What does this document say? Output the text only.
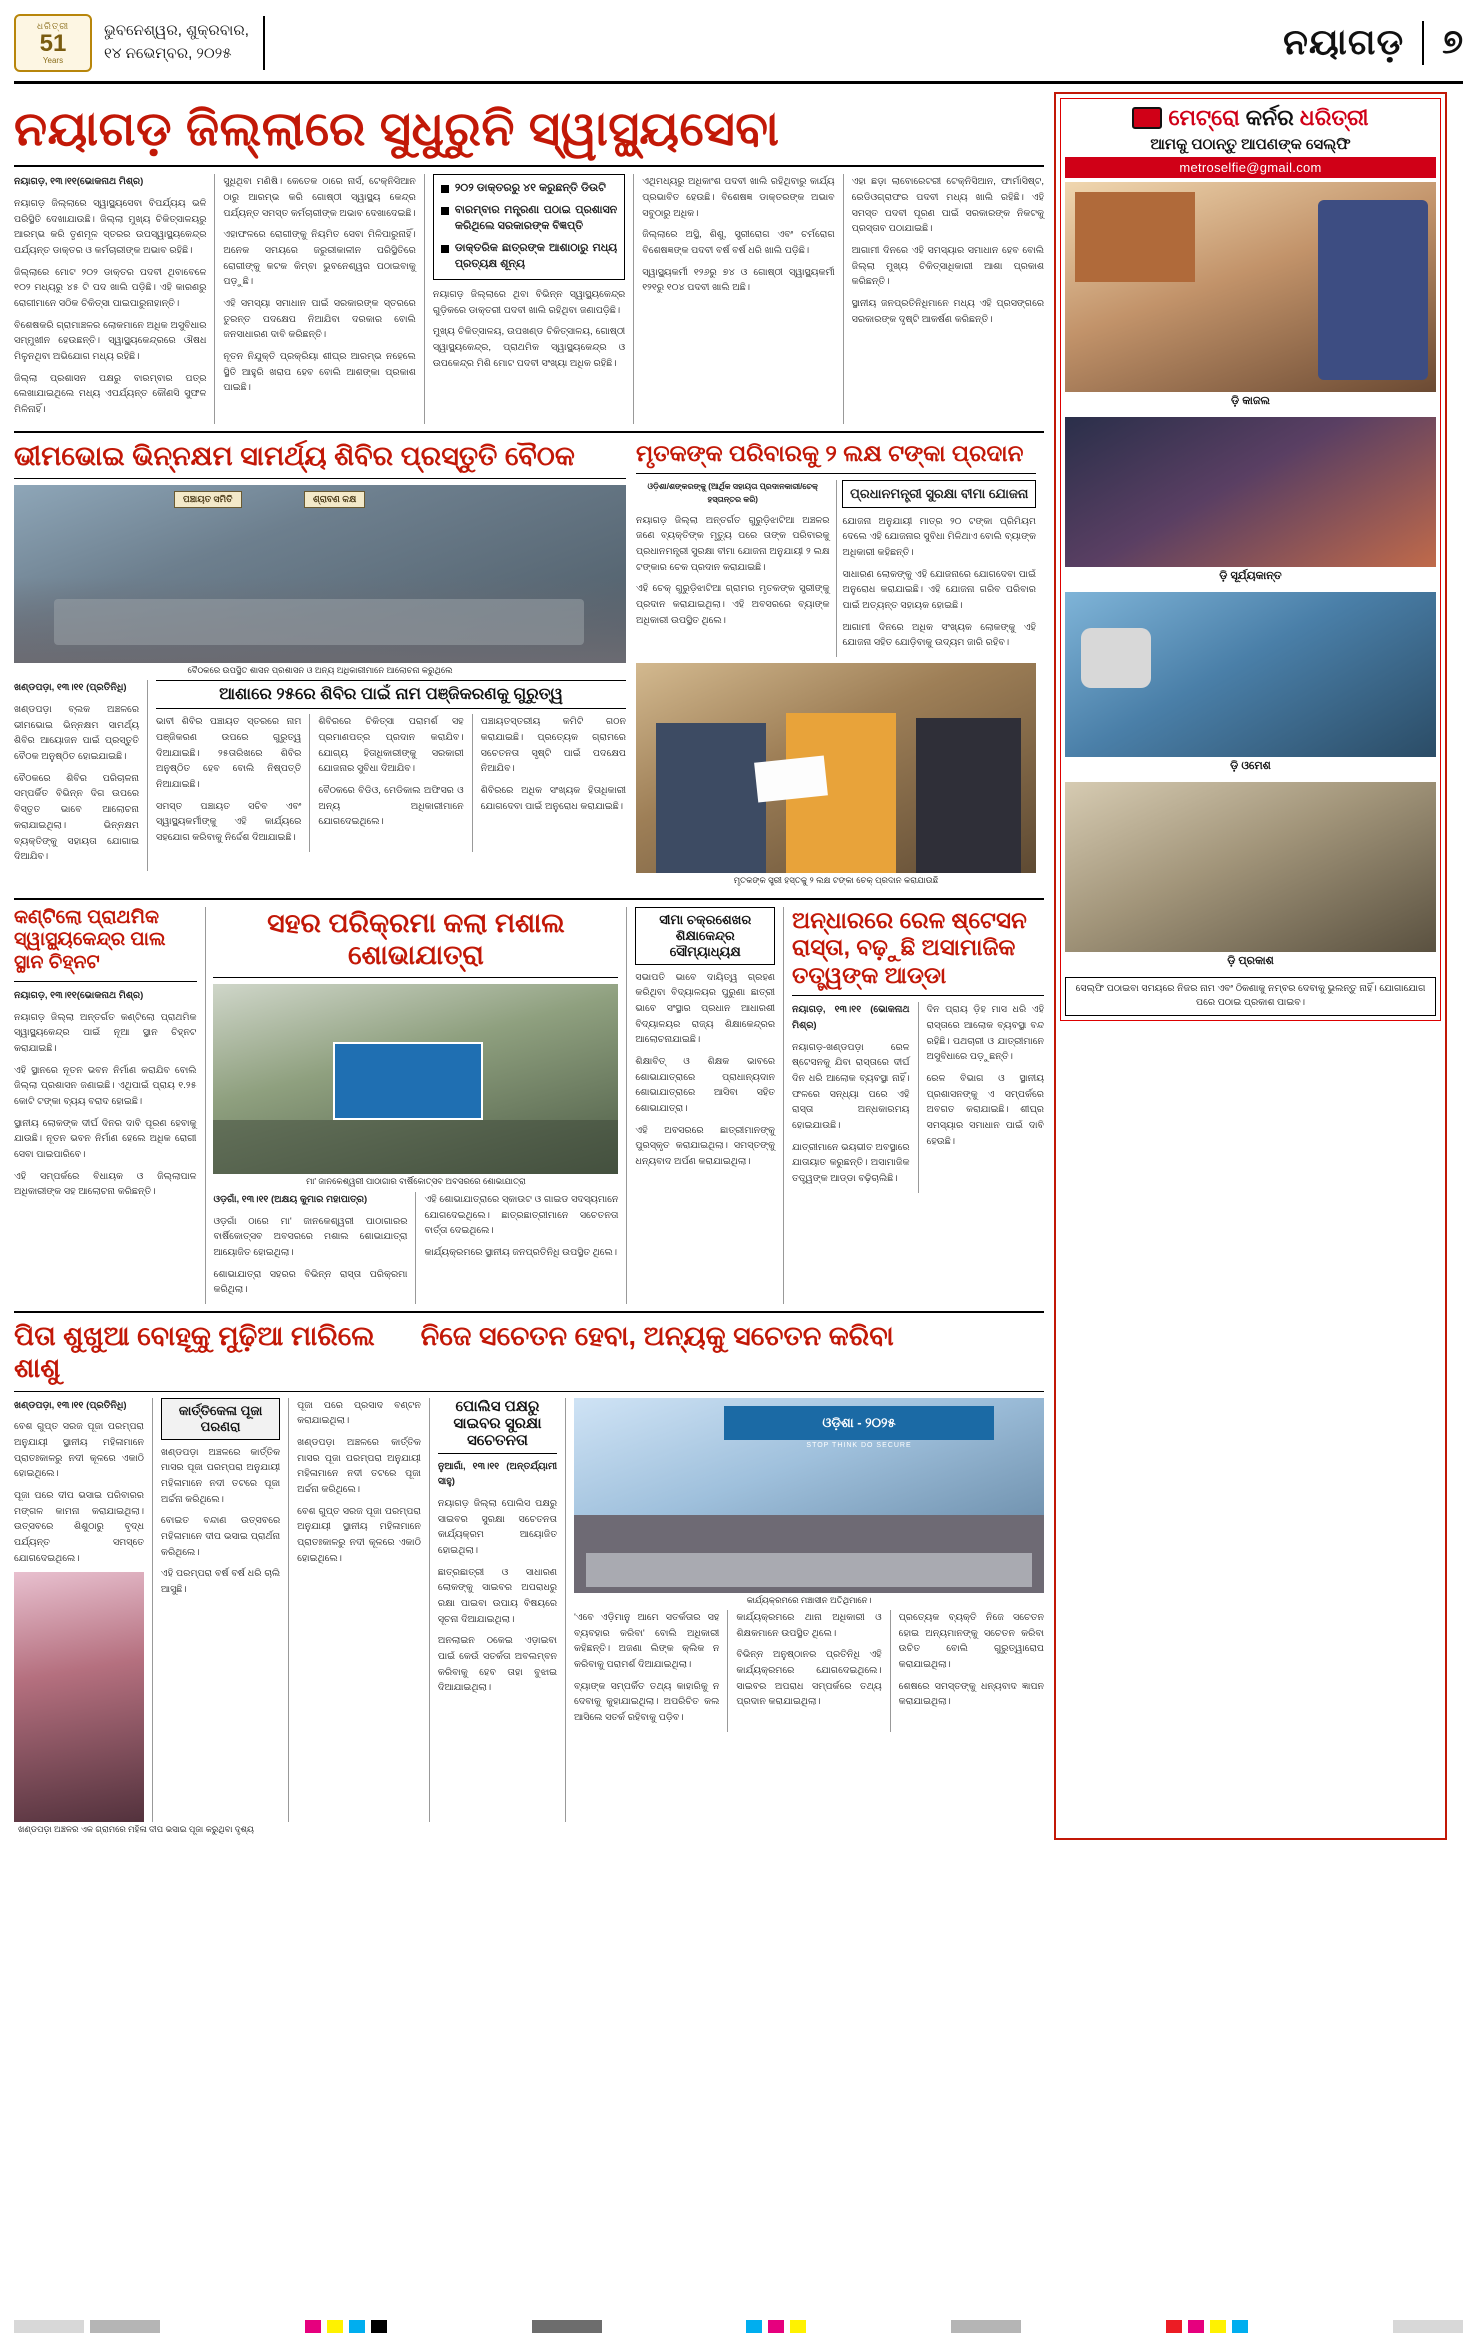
ଧରିତ୍ରୀ
51
Years
ଭୁବନେଶ୍ୱର, ଶୁକ୍ରବାର,
୧୪ ନଭେମ୍ବର, ୨୦୨୫	ନୟାଗଡ଼ ୭
ନୟାଗଡ଼ ଜିଲ୍ଲାରେ ସୁଧୁରୁନି ସ୍ୱାସ୍ଥ୍ୟସେବା

ନୟାଗଡ଼, ୧୩।୧୧(ଭୋକନାଥ ମିଶ୍ର)

ନୟାଗଡ଼ ଜିଲ୍ଲାରେ ସ୍ୱାସ୍ଥ୍ୟସେବା ବିପର୍ଯ୍ୟୟ ଭଳି ପରିସ୍ଥିତି ଦେଖାଯାଉଛି। ଜିଲ୍ଲା ମୁଖ୍ୟ ଚିକିତ୍ସାଳୟରୁ ଆରମ୍ଭ କରି ତୃଣମୂଳ ସ୍ତରର ଉପସ୍ୱାସ୍ଥ୍ୟକେନ୍ଦ୍ର ପର୍ଯ୍ୟନ୍ତ ଡାକ୍ତର ଓ କର୍ମଚାରୀଙ୍କ ଅଭାବ ରହିଛି।

ଜିଲ୍ଲାରେ ମୋଟ ୨୦୨ ଡାକ୍ତର ପଦବୀ ଥିବାବେଳେ ୧୦୨ ମଧ୍ୟରୁ ୪୫ ଟି ପଦ ଖାଲି ପଡ଼ିଛି। ଏହି କାରଣରୁ ରୋଗୀମାନେ ସଠିକ ଚିକିତ୍ସା ପାଇପାରୁନାହାନ୍ତି।

ବିଶେଷକରି ଗ୍ରାମାଞ୍ଚଳର ଲୋକମାନେ ଅଧିକ ଅସୁବିଧାର ସମ୍ମୁଖୀନ ହେଉଛନ୍ତି। ସ୍ୱାସ୍ଥ୍ୟକେନ୍ଦ୍ରରେ ଔଷଧ ମିଳୁନଥିବା ଅଭିଯୋଗ ମଧ୍ୟ ରହିଛି।

ଜିଲ୍ଲା ପ୍ରଶାସନ ପକ୍ଷରୁ ବାରମ୍ବାର ପତ୍ର ଲେଖାଯାଇଥିଲେ ମଧ୍ୟ ଏପର୍ଯ୍ୟନ୍ତ କୌଣସି ସୁଫଳ ମିଳିନାହିଁ।

ସୁଧିଥିବା ମଣିଷି। କେତେକ ଠାରେ ନାର୍ସ, ଟେକ୍ନିସିଆନ ଠାରୁ ଆରମ୍ଭ କରି ଗୋଷ୍ଠୀ ସ୍ୱାସ୍ଥ୍ୟ କେନ୍ଦ୍ର ପର୍ଯ୍ୟନ୍ତ ସମସ୍ତ କର୍ମଚାରୀଙ୍କ ଅଭାବ ଦେଖାଦେଇଛି।

ଏହାଫଳରେ ରୋଗୀଙ୍କୁ ନିୟମିତ ସେବା ମିଳିପାରୁନାହିଁ। ଅନେକ ସମୟରେ ଜରୁରୀକାଳୀନ ପରିସ୍ଥିତିରେ ରୋଗୀଙ୍କୁ କଟକ କିମ୍ବା ଭୁବନେଶ୍ୱର ପଠାଇବାକୁ ପଡ଼ୁଛି।

ଏହି ସମସ୍ୟା ସମାଧାନ ପାଇଁ ସରକାରଙ୍କ ସ୍ତରରେ ତୁରନ୍ତ ପଦକ୍ଷେପ ନିଆଯିବା ଦରକାର ବୋଲି ଜନସାଧାରଣ ଦାବି କରିଛନ୍ତି।

ନୂତନ ନିଯୁକ୍ତି ପ୍ରକ୍ରିୟା ଶୀଘ୍ର ଆରମ୍ଭ ନହେଲେ ସ୍ଥିତି ଆହୁରି ଖରାପ ହେବ ବୋଲି ଆଶଙ୍କା ପ୍ରକାଶ ପାଇଛି।

୨୦୨ ଡାକ୍ତରରୁ ୪୧ କରୁଛନ୍ତି ଡିଉଟି
ବାରମ୍ବାର ମନ୍ତ୍ରଣା ପଠାଇ ପ୍ରଶାସନ କରିଥିଲେ ସରକାରଙ୍କ ବିଜ୍ଞପ୍ତି
ଡାକ୍ତରିକ ଛାତ୍ରଙ୍କ ଆଶାଠାରୁ ମଧ୍ୟ ପ୍ରତ୍ୟକ୍ଷ ଶୂନ୍ୟ

ନୟାଗଡ଼ ଜିଲ୍ଲାରେ ଥିବା ବିଭିନ୍ନ ସ୍ୱାସ୍ଥ୍ୟକେନ୍ଦ୍ର ଗୁଡ଼ିକରେ ଡାକ୍ତରୀ ପଦବୀ ଖାଲି ରହିଥିବା ଜଣାପଡ଼ିଛି।

ମୁଖ୍ୟ ଚିକିତ୍ସାଳୟ, ଉପଖଣ୍ଡ ଚିକିତ୍ସାଳୟ, ଗୋଷ୍ଠୀ ସ୍ୱାସ୍ଥ୍ୟକେନ୍ଦ୍ର, ପ୍ରାଥମିକ ସ୍ୱାସ୍ଥ୍ୟକେନ୍ଦ୍ର ଓ ଉପକେନ୍ଦ୍ର ମିଶି ମୋଟ ପଦବୀ ସଂଖ୍ୟା ଅଧିକ ରହିଛି।

ଏଥିମଧ୍ୟରୁ ଅଧିକାଂଶ ପଦବୀ ଖାଲି ରହିଥିବାରୁ କାର୍ଯ୍ୟ ପ୍ରଭାବିତ ହେଉଛି। ବିଶେଷଜ୍ଞ ଡାକ୍ତରଙ୍କ ଅଭାବ ସବୁଠାରୁ ଅଧିକ।

ଜିଲ୍ଲାରେ ଅସ୍ଥି, ଶିଶୁ, ସ୍ତ୍ରୀରୋଗ ଏବଂ ଚର୍ମରୋଗ ବିଶେଷଜ୍ଞଙ୍କ ପଦବୀ ବର୍ଷ ବର୍ଷ ଧରି ଖାଲି ପଡ଼ିଛି।

ସ୍ୱାସ୍ଥ୍ୟକର୍ମୀ ୧୨୬ରୁ ୭୪ ଓ ଗୋଷ୍ଠୀ ସ୍ୱାସ୍ଥ୍ୟକର୍ମୀ ୧୨୧ରୁ ୧୦୪ ପଦବୀ ଖାଲି ଅଛି।

ଏହା ଛଡ଼ା ଲାବୋରେଟରୀ ଟେକ୍ନିସିଆନ, ଫାର୍ମାସିଷ୍ଟ, ରେଡିଓଗ୍ରାଫର ପଦବୀ ମଧ୍ୟ ଖାଲି ରହିଛି। ଏହି ସମସ୍ତ ପଦବୀ ପୂରଣ ପାଇଁ ସରକାରଙ୍କ ନିକଟକୁ ପ୍ରସ୍ତାବ ପଠାଯାଇଛି।

ଆଗାମୀ ଦିନରେ ଏହି ସମସ୍ୟାର ସମାଧାନ ହେବ ବୋଲି ଜିଲ୍ଲା ମୁଖ୍ୟ ଚିକିତ୍ସାଧିକାରୀ ଆଶା ପ୍ରକାଶ କରିଛନ୍ତି।

ସ୍ଥାନୀୟ ଜନପ୍ରତିନିଧିମାନେ ମଧ୍ୟ ଏହି ପ୍ରସଙ୍ଗରେ ସରକାରଙ୍କ ଦୃଷ୍ଟି ଆକର୍ଷଣ କରିଛନ୍ତି।

ଭୀମଭୋଇ ଭିନ୍ନକ୍ଷମ ସାମର୍ଥ୍ୟ ଶିବିର ପ୍ରସ୍ତୁତି ବୈଠକ
ପଞ୍ଚାୟତ ସମିତି	ଶ୍ରାବଣ କକ୍ଷ
ବୈଠକରେ ଉପସ୍ଥିତ ଶାସନ ପ୍ରଶାସନ ଓ ଅନ୍ୟ ଅଧିକାରୀମାନେ ଆଲୋଚନା କରୁଥିଲେ

ଖଣ୍ଡପଡ଼ା, ୧୩।୧୧ (ପ୍ରତିନିଧି)

ଖଣ୍ଡପଡ଼ା ବ୍ଲକ ଅଞ୍ଚଳରେ ଭୀମଭୋଇ ଭିନ୍ନକ୍ଷମ ସାମର୍ଥ୍ୟ ଶିବିର ଆୟୋଜନ ପାଇଁ ପ୍ରସ୍ତୁତି ବୈଠକ ଅନୁଷ୍ଠିତ ହୋଇଯାଇଛି।

ବୈଠକରେ ଶିବିର ପରିଚାଳନା ସମ୍ପର୍କିତ ବିଭିନ୍ନ ଦିଗ ଉପରେ ବିସ୍ତୃତ ଭାବେ ଆଲୋଚନା କରାଯାଇଥିଲା। ଭିନ୍ନକ୍ଷମ ବ୍ୟକ୍ତିଙ୍କୁ ସହାୟତା ଯୋଗାଇ ଦିଆଯିବ।

ଆଶାରେ ୨୫ରେ ଶିବିର ପାଇଁ ନାମ ପଞ୍ଜିକରଣକୁ ଗୁରୁତ୍ୱ

ଭାବୀ ଶିବିର ପଞ୍ଚାୟତ ସ୍ତରରେ ନାମ ପଞ୍ଜିକରଣ ଉପରେ ଗୁରୁତ୍ୱ ଦିଆଯାଇଛି। ୨୫ତାରିଖରେ ଶିବିର ଅନୁଷ୍ଠିତ ହେବ ବୋଲି ନିଷ୍ପତ୍ତି ନିଆଯାଇଛି।

ସମସ୍ତ ପଞ୍ଚାୟତ ସଚିବ ଏବଂ ସ୍ୱାସ୍ଥ୍ୟକର୍ମୀଙ୍କୁ ଏହି କାର୍ଯ୍ୟରେ ସହଯୋଗ କରିବାକୁ ନିର୍ଦ୍ଦେଶ ଦିଆଯାଇଛି।

ଶିବିରରେ ଚିକିତ୍ସା ପରାମର୍ଶ ସହ ପ୍ରମାଣପତ୍ର ପ୍ରଦାନ କରାଯିବ। ଯୋଗ୍ୟ ହିତାଧିକାରୀଙ୍କୁ ସରକାରୀ ଯୋଜନାର ସୁବିଧା ଦିଆଯିବ।

ବୈଠକରେ ବିଡିଓ, ମେଡିକାଲ ଅଫିସର ଓ ଅନ୍ୟ ଅଧିକାରୀମାନେ ଯୋଗଦେଇଥିଲେ।

ପଞ୍ଚାୟତସ୍ତରୀୟ କମିଟି ଗଠନ କରାଯାଇଛି। ପ୍ରତ୍ୟେକ ଗ୍ରାମରେ ସଚେତନତା ସୃଷ୍ଟି ପାଇଁ ପଦକ୍ଷେପ ନିଆଯିବ।

ଶିବିରରେ ଅଧିକ ସଂଖ୍ୟକ ହିତାଧିକାରୀ ଯୋଗଦେବା ପାଇଁ ଅନୁରୋଧ କରାଯାଇଛି।

ମୃତକଙ୍କ ପରିବାରକୁ ୨ ଲକ୍ଷ ଟଙ୍କା ପ୍ରଦାନ

ଓଡ଼ିଶା/ଶଙ୍କରଙ୍କୁ (ଆର୍ଥିକ ସହାୟତା ପ୍ରଦାନକାରୀ/ଚେକ୍ ହସ୍ତାନ୍ତର କରି)

ନୟାଗଡ଼ ଜିଲ୍ଲା ଅନ୍ତର୍ଗତ ଗୁରୁଡ଼ିଝାଟିଆ ଅଞ୍ଚଳର ଜଣେ ବ୍ୟକ୍ତିଙ୍କ ମୃତ୍ୟୁ ପରେ ତାଙ୍କ ପରିବାରକୁ ପ୍ରଧାନମନ୍ତ୍ରୀ ସୁରକ୍ଷା ବୀମା ଯୋଜନା ଅନୁଯାୟୀ ୨ ଲକ୍ଷ ଟଙ୍କାର ଚେକ ପ୍ରଦାନ କରାଯାଇଛି।

ଏହି ଚେକ୍ ଗୁରୁଡ଼ିଝାଟିଆ ଗ୍ରାମର ମୃତକଙ୍କ ସ୍ତ୍ରୀଙ୍କୁ ପ୍ରଦାନ କରାଯାଇଥିଲା। ଏହି ଅବସରରେ ବ୍ୟାଙ୍କ ଅଧିକାରୀ ଉପସ୍ଥିତ ଥିଲେ।

ପ୍ରଧାନମନ୍ତ୍ରୀ ସୁରକ୍ଷା ବୀମା ଯୋଜନା

ଯୋଜନା ଅନୁଯାୟୀ ମାତ୍ର ୨୦ ଟଙ୍କା ପ୍ରିମିୟମ ଦେଲେ ଏହି ଯୋଜନାର ସୁବିଧା ମିଳିଥାଏ ବୋଲି ବ୍ୟାଙ୍କ ଅଧିକାରୀ କହିଛନ୍ତି।

ସାଧାରଣ ଲୋକଙ୍କୁ ଏହି ଯୋଜନାରେ ଯୋଗଦେବା ପାଇଁ ଅନୁରୋଧ କରାଯାଇଛି। ଏହି ଯୋଜନା ଗରିବ ପରିବାର ପାଇଁ ଅତ୍ୟନ୍ତ ସହାୟକ ହୋଇଛି।

ଆଗାମୀ ଦିନରେ ଅଧିକ ସଂଖ୍ୟକ ଲୋକଙ୍କୁ ଏହି ଯୋଜନା ସହିତ ଯୋଡ଼ିବାକୁ ଉଦ୍ୟମ ଜାରି ରହିବ।

ମୃତକଙ୍କ ସ୍ତ୍ରୀ ହସ୍ତକୁ ୨ ଲକ୍ଷ ଟଙ୍କା ଚେକ୍ ପ୍ରଦାନ କରାଯାଉଛି
କଣ୍ଟିଲୋ ପ୍ରାଥମିକ ସ୍ୱାସ୍ଥ୍ୟକେନ୍ଦ୍ର ପାଲ ସ୍ଥାନ ଚିହ୍ନଟ

ନୟାଗଡ଼, ୧୩।୧୧(ଭୋକନାଥ ମିଶ୍ର)

ନୟାଗଡ଼ ଜିଲ୍ଲା ଅନ୍ତର୍ଗତ କଣ୍ଟିଲୋ ପ୍ରାଥମିକ ସ୍ୱାସ୍ଥ୍ୟକେନ୍ଦ୍ର ପାଇଁ ନୂଆ ସ୍ଥାନ ଚିହ୍ନଟ କରାଯାଇଛି।

ଏହି ସ୍ଥାନରେ ନୂତନ ଭବନ ନିର୍ମାଣ କରାଯିବ ବୋଲି ଜିଲ୍ଲା ପ୍ରଶାସନ ଜଣାଇଛି। ଏଥିପାଇଁ ପ୍ରାୟ ୧.୨୫ କୋଟି ଟଙ୍କା ବ୍ୟୟ ବରାଦ ହୋଇଛି।

ସ୍ଥାନୀୟ ଲୋକଙ୍କ ଦୀର୍ଘ ଦିନର ଦାବି ପୂରଣ ହେବାକୁ ଯାଉଛି। ନୂତନ ଭବନ ନିର୍ମାଣ ହେଲେ ଅଧିକ ରୋଗୀ ସେବା ପାଇପାରିବେ।

ଏହି ସମ୍ପର୍କରେ ବିଧାୟକ ଓ ଜିଲ୍ଲାପାଳ ଅଧିକାରୀଙ୍କ ସହ ଆଲୋଚନା କରିଛନ୍ତି।

ସହର ପରିକ୍ରମା କଲା ମଶାଲ ଶୋଭାଯାତ୍ରା
ମା' ଜାନକେଶ୍ୱରୀ ପାଠାଗାର ବାର୍ଷିକୋତ୍ସବ ଅବସରରେ ଶୋଭାଯାତ୍ରା

ଓଡ଼ଗାଁ, ୧୩।୧୧ (ଅକ୍ଷୟ କୁମାର ମହାପାତ୍ର)

ଓଡ଼ଗାଁ ଠାରେ ମା' ଜାନକେଶ୍ୱରୀ ପାଠାଗାରର ବାର୍ଷିକୋତ୍ସବ ଅବସରରେ ମଶାଲ ଶୋଭାଯାତ୍ରା ଆୟୋଜିତ ହୋଇଥିଲା।

ଶୋଭାଯାତ୍ରା ସହରର ବିଭିନ୍ନ ରାସ୍ତା ପରିକ୍ରମା କରିଥିଲା।

ଏହି ଶୋଭାଯାତ୍ରାରେ ସ୍କାଉଟ ଓ ଗାଇଡ ସଦସ୍ୟମାନେ ଯୋଗଦେଇଥିଲେ। ଛାତ୍ରଛାତ୍ରୀମାନେ ସଚେତନତା ବାର୍ତ୍ତା ଦେଇଥିଲେ।

କାର୍ଯ୍ୟକ୍ରମରେ ସ୍ଥାନୀୟ ଜନପ୍ରତିନିଧି ଉପସ୍ଥିତ ଥିଲେ।

ସୀମା ଚକ୍ରଶେଖର ଶିକ୍ଷାକେନ୍ଦ୍ର ସୌମ୍ୟାଧ୍ୟକ୍ଷ

ସଭାପତି ଭାବେ ଦାୟିତ୍ୱ ଗ୍ରହଣ କରିଥିବା ବିଦ୍ୟାଳୟର ପୁରୁଣା ଛାତ୍ରୀ ଭାବେ ସଂସ୍ଥାର ପ୍ରଧାନ ଆଧାରଶୀ ବିଦ୍ୟାଳୟର ରାଜ୍ୟ ଶିକ୍ଷାକେନ୍ଦ୍ରର ଆଲୋଚନାଯାଇଛି।

ଶିକ୍ଷାବିତ୍ ଓ ଶିକ୍ଷକ ଭାବରେ ଶୋଭାଯାତ୍ରାରେ ପ୍ରାଧାନ୍ୟଦାନ ଶୋଭାଯାତ୍ରାରେ ଆସିବା ସହିତ ଶୋଭାଯାତ୍ରା।

ଏହି ଅବସରରେ ଛାତ୍ରୀମାନଙ୍କୁ ପୁରସ୍କୃତ କରାଯାଇଥିଲା। ସମସ୍ତଙ୍କୁ ଧନ୍ୟବାଦ ଅର୍ପଣ କରାଯାଇଥିଲା।

ଅନ୍ଧାରରେ ରେଳ ଷ୍ଟେସନ ରାସ୍ତା, ବଢ଼ୁଛି ଅସାମାଜିକ ତତ୍ତ୍ୱଙ୍କ ଆଡ୍ଡା

ନୟାଗଡ଼, ୧୩।୧୧ (ଭୋକନାଥ ମିଶ୍ର)

ନୟାଗଡ଼-ଖଣ୍ଡପଡ଼ା ରେଳ ଷ୍ଟେସନକୁ ଯିବା ରାସ୍ତାରେ ଦୀର୍ଘ ଦିନ ଧରି ଆଲୋକ ବ୍ୟବସ୍ଥା ନାହିଁ। ଫଳରେ ସନ୍ଧ୍ୟା ପରେ ଏହି ରାସ୍ତା ଅନ୍ଧକାରମୟ ହୋଇଯାଉଛି।

ଯାତ୍ରୀମାନେ ଭୟଭୀତ ଅବସ୍ଥାରେ ଯାତାୟାତ କରୁଛନ୍ତି। ଅସାମାଜିକ ତତ୍ତ୍ୱଙ୍କ ଆଡ୍ଡା ବଢ଼ିଚାଲିଛି।

ଦିନ ପ୍ରାୟ ଡ଼ିହ ମାସ ଧରି ଏହି ରାସ୍ତାରେ ଆଲୋକ ବ୍ୟବସ୍ଥା ବନ୍ଦ ରହିଛି। ପଥଚାରୀ ଓ ଯାତ୍ରୀମାନେ ଅସୁବିଧାରେ ପଡ଼ୁଛନ୍ତି।

ରେଳ ବିଭାଗ ଓ ସ୍ଥାନୀୟ ପ୍ରଶାସନଙ୍କୁ ଏ ସମ୍ପର୍କରେ ଅବଗତ କରାଯାଇଛି। ଶୀଘ୍ର ସମସ୍ୟାର ସମାଧାନ ପାଇଁ ଦାବି ହେଉଛି।

ପିତା ଶୁଖୁଆ ବୋହୂକୁ ମୁଢ଼ିଆ ମାରିଲେ ଶାଶୁ
ନିଜେ ସଚେତନ ହେବା, ଅନ୍ୟକୁ ସଚେତନ କରିବା

ଖଣ୍ଡପଡ଼ା, ୧୩।୧୧ (ପ୍ରତିନିଧି)

ବେଶ ଗୁପ୍ତ ସରଜ ପୂଜା ପରମ୍ପରା ଅନୁଯାୟୀ ସ୍ଥାନୀୟ ମହିଳାମାନେ ପ୍ରାତଃକାଳରୁ ନଦୀ କୂଳରେ ଏକାଠି ହୋଇଥିଲେ।

ପୂଜା ପରେ ଦୀପ ଭସାଇ ପରିବାରର ମଙ୍ଗଳ କାମନା କରାଯାଇଥିଲା। ଉତ୍ସବରେ ଶିଶୁଠାରୁ ବୃଦ୍ଧ ପର୍ଯ୍ୟନ୍ତ ସମସ୍ତେ ଯୋଗଦେଇଥିଲେ।

କାର୍ତ୍ତିକେଳା ପୂଜା ପରଣରା

ଖଣ୍ଡପଡ଼ା ଅଞ୍ଚଳରେ କାର୍ତ୍ତିକ ମାସର ପୂଜା ପରମ୍ପରା ଅନୁଯାୟୀ ମହିଳାମାନେ ନଦୀ ତଟରେ ପୂଜା ଅର୍ଚ୍ଚନା କରିଥିଲେ।

ବୋଇତ ବନ୍ଦାଣ ଉତ୍ସବରେ ମହିଳାମାନେ ଦୀପ ଭସାଇ ପ୍ରାର୍ଥନା କରିଥିଲେ।

ଏହି ପରମ୍ପରା ବର୍ଷ ବର୍ଷ ଧରି ଚାଲି ଆସୁଛି।

ପୂଜା ପରେ ପ୍ରସାଦ ବଣ୍ଟନ କରାଯାଇଥିଲା।

ଖଣ୍ଡପଡ଼ା ଅଞ୍ଚଳରେ କାର୍ତ୍ତିକ ମାସର ପୂଜା ପରମ୍ପରା ଅନୁଯାୟୀ ମହିଳାମାନେ ନଦୀ ତଟରେ ପୂଜା ଅର୍ଚ୍ଚନା କରିଥିଲେ।

ବେଶ ଗୁପ୍ତ ସରଜ ପୂଜା ପରମ୍ପରା ଅନୁଯାୟୀ ସ୍ଥାନୀୟ ମହିଳାମାନେ ପ୍ରାତଃକାଳରୁ ନଦୀ କୂଳରେ ଏକାଠି ହୋଇଥିଲେ।

ପୋଲିସ ପକ୍ଷରୁ ସାଇବର ସୁରକ୍ଷା ସଚେତନତା

ନୁଆଗାଁ, ୧୩।୧୧ (ଅନ୍ତର୍ଯ୍ୟାମୀ ସାହୁ)

ନୟାଗଡ଼ ଜିଲ୍ଲା ପୋଲିସ ପକ୍ଷରୁ ସାଇବର ସୁରକ୍ଷା ସଚେତନତା କାର୍ଯ୍ୟକ୍ରମ ଆୟୋଜିତ ହୋଇଥିଲା।

ଛାତ୍ରଛାତ୍ରୀ ଓ ସାଧାରଣ ଲୋକଙ୍କୁ ସାଇବର ଅପରାଧରୁ ରକ୍ଷା ପାଇବା ଉପାୟ ବିଷୟରେ ସୂଚନା ଦିଆଯାଇଥିଲା।

ଅନଲାଇନ ଠକେଇ ଏଡ଼ାଇବା ପାଇଁ କେଉଁ ସତର୍କତା ଅବଲମ୍ବନ କରିବାକୁ ହେବ ତାହା ବୁଝାଇ ଦିଆଯାଇଥିଲା।

ଓଡ଼ିଶା - ୨୦୨୫
STOP THINK DO SECURE
କାର୍ଯ୍ୟକ୍ରମରେ ମଞ୍ଚାସୀନ ଅତିଥିମାନେ।

'ଏବେ ଏଡ଼ିମାନୁ ଆମେ ସତର୍କତାର ସହ ବ୍ୟବହାର କରିବା' ବୋଲି ଅଧିକାରୀ କହିଛନ୍ତି। ଅଜଣା ଲିଙ୍କ କ୍ଲିକ ନ କରିବାକୁ ପରାମର୍ଶ ଦିଆଯାଇଥିଲା।

ବ୍ୟାଙ୍କ ସମ୍ପର୍କିତ ତଥ୍ୟ କାହାରିକୁ ନ ଦେବାକୁ କୁହାଯାଇଥିଲା। ଅପରିଚିତ କଲ ଆସିଲେ ସତର୍କ ରହିବାକୁ ପଡ଼ିବ।

କାର୍ଯ୍ୟକ୍ରମରେ ଥାନା ଅଧିକାରୀ ଓ ଶିକ୍ଷକମାନେ ଉପସ୍ଥିତ ଥିଲେ।

ବିଭିନ୍ନ ଅନୁଷ୍ଠାନର ପ୍ରତିନିଧି ଏହି କାର୍ଯ୍ୟକ୍ରମରେ ଯୋଗଦେଇଥିଲେ। ସାଇବର ଅପରାଧ ସମ୍ପର୍କରେ ତଥ୍ୟ ପ୍ରଦାନ କରାଯାଇଥିଲା।

ପ୍ରତ୍ୟେକ ବ୍ୟକ୍ତି ନିଜେ ସଚେତନ ହୋଇ ଅନ୍ୟମାନଙ୍କୁ ସଚେତନ କରିବା ଉଚିତ ବୋଲି ଗୁରୁତ୍ୱାରୋପ କରାଯାଇଥିଲା।

ଶେଷରେ ସମସ୍ତଙ୍କୁ ଧନ୍ୟବାଦ ଜ୍ଞାପନ କରାଯାଇଥିଲା।

ଖଣ୍ଡପଡ଼ା ଅଞ୍ଚଳର ଏକ ଗ୍ରାମରେ ମହିଳା ଦୀପ ଭସାଇ ପୂଜା କରୁଥିବା ଦୃଶ୍ୟ
ମେଟ୍ରୋ କର୍ନର ଧରିତ୍ରୀ
ଆମକୁ ପଠାନ୍ତୁ ଆପଣଙ୍କ ସେଲ୍ଫି
metroselfie@gmail.com
ଡ଼ି କାଜଲ
ଡ଼ି ସୂର୍ଯ୍ୟକାନ୍ତ
ଡ଼ି ଓମେଶ
ଡ଼ି ପ୍ରକାଶ
ସେଲ୍ଫି ପଠାଇବା ସମୟରେ ନିଜର ନାମ ଏବଂ ଠିକଣାକୁ ନମ୍ବର ଦେବାକୁ ଭୁଲନ୍ତୁ ନାହିଁ। ଯୋଗାଯୋଗ ପରେ ପଠାଇ ପ୍ରକାଶ ପାଇବ।
